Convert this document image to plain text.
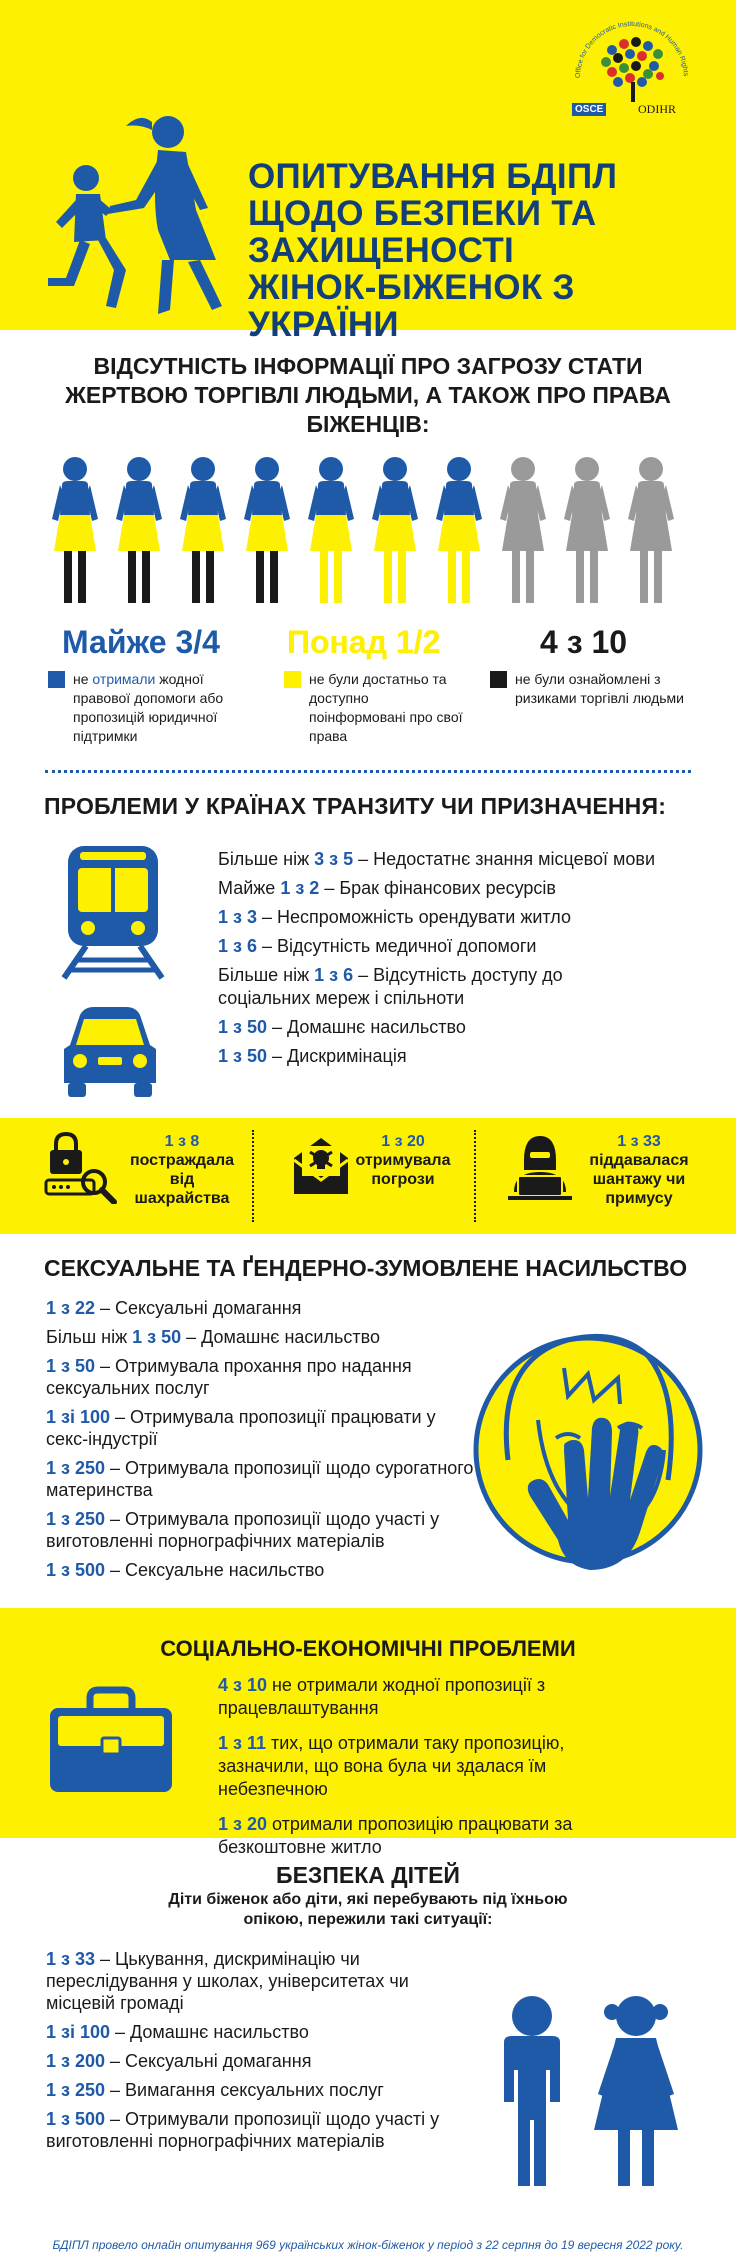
ОПИТУВАННЯ БДІПЛ ЩОДО БЕЗПЕКИ ТА ЗАХИЩЕНОСТІ ЖІНОК-БІЖЕНОК З УКРАЇНИ
Office for Democratic Institutions and Human Rights
OSCE	ODIHR
ВІДСУТНІСТЬ ІНФОРМАЦІЇ ПРО ЗАГРОЗУ СТАТИ ЖЕРТВОЮ ТОРГІВЛІ ЛЮДЬМИ, А ТАКОЖ ПРО ПРАВА БІЖЕНЦІВ:
Майже 3/4 Понад 1/2	4 з 10
не отримали жодної правової допомоги або пропозицій юридичної підтримки
не були достатньо та доступно поінформовані про свої права
не були ознайомлені з ризиками торгівлі людьми
ПРОБЛЕМИ У КРАЇНАХ ТРАНЗИТУ ЧИ ПРИЗНАЧЕННЯ:
Більше ніж 3 з 5 – Недостатнє знання місцевої мови
Майже 1 з 2 – Брак фінансових ресурсів
1 з 3 – Неспроможність орендувати житло
1 з 6 – Відсутність медичної допомоги
Більше ніж 1 з 6 – Відсутність доступу до соціальних мереж і спільноти
1 з 50 – Домашнє насильство
1 з 50 – Дискримінація
1 з 8
постраждала від шахрайства
1 з 20
отримувала погрози
1 з 33
піддавалася шантажу чи примусу
СЕКСУАЛЬНЕ ТА ҐЕНДЕРНО-ЗУМОВЛЕНЕ НАСИЛЬСТВО
1 з 22 – Сексуальні домагання
Більш ніж 1 з 50 – Домашнє насильство
1 з 50 – Отримувала прохання про надання сексуальних послуг
1 зі 100 – Отримувала пропозиції працювати у секс-індустрії
1 з 250 – Отримувала пропозиції щодо сурогатного материнства
1 з 250 – Отримувала пропозиції щодо участі у виготовленні порнографічних матеріалів
1 з 500 – Сексуальне насильство
СОЦІАЛЬНО-ЕКОНОМІЧНІ ПРОБЛЕМИ
4 з 10 не отримали жодної пропозиції з працевлаштування
1 з 11 тих, що отримали таку пропозицію, зазначили, що вона була чи здалася їм небезпечною
1 з 20 отримали пропозицію працювати за безкоштовне житло
БЕЗПЕКА ДІТЕЙ
Діти біженок або діти, які перебувають під їхньою опікою, пережили такі ситуації:
1 з 33 – Цькування, дискримінацію чи переслідування у школах, університетах чи місцевій громаді
1 зі 100 – Домашнє насильство
1 з 200 – Сексуальні домагання
1 з 250 – Вимагання сексуальних послуг
1 з 500 – Отримували пропозиції щодо участі у виготовленні порнографічних матеріалів
БДІПЛ провело онлайн опитування 969 українських жінок-біженок у період з 22 серпня до 19 вересня 2022 року.
